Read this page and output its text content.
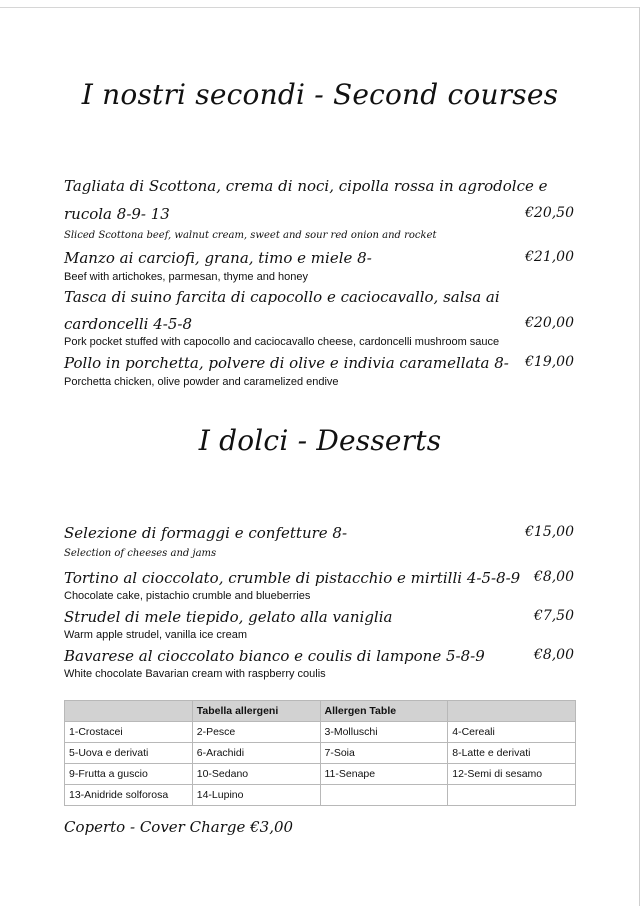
I nostri secondi - Second courses
Tagliata di Scottona, crema di noci, cipolla rossa in agrodolce e
rucola 8-9- 13	€20,50
Sliced Scottona beef, walnut cream, sweet and sour red onion and rocket
Manzo ai carciofi, grana, timo e miele 8-	€21,00
Beef with artichokes, parmesan, thyme and honey
Tasca di suino farcita di capocollo e caciocavallo, salsa ai
cardoncelli 4-5-8	€20,00
Pork pocket stuffed with capocollo and caciocavallo cheese, cardoncelli mushroom sauce
Pollo in porchetta, polvere di olive e indivia caramellata 8- €19,00
Porchetta chicken, olive powder and caramelized endive
I dolci - Desserts
Selezione di formaggi e confetture 8-	€15,00
Selection of cheeses and jams
Tortino al cioccolato, crumble di pistacchio e mirtilli 4-5-8-9 €8,00
Chocolate cake, pistachio crumble and blueberries
Strudel di mele tiepido, gelato alla vaniglia	€7,50
Warm apple strudel, vanilla ice cream
Bavarese al cioccolato bianco e coulis di lampone 5-8-9	€8,00
White chocolate Bavarian cream with raspberry coulis
	Tabella allergeni	Allergen Table	
1-Crostacei	2-Pesce	3-Molluschi	4-Cereali
5-Uova e derivati	6-Arachidi	7-Soia	8-Latte e derivati
9-Frutta a guscio	10-Sedano	11-Senape	12-Semi di sesamo
13-Anidride solforosa	14-Lupino		
Coperto - Cover Charge €3,00
